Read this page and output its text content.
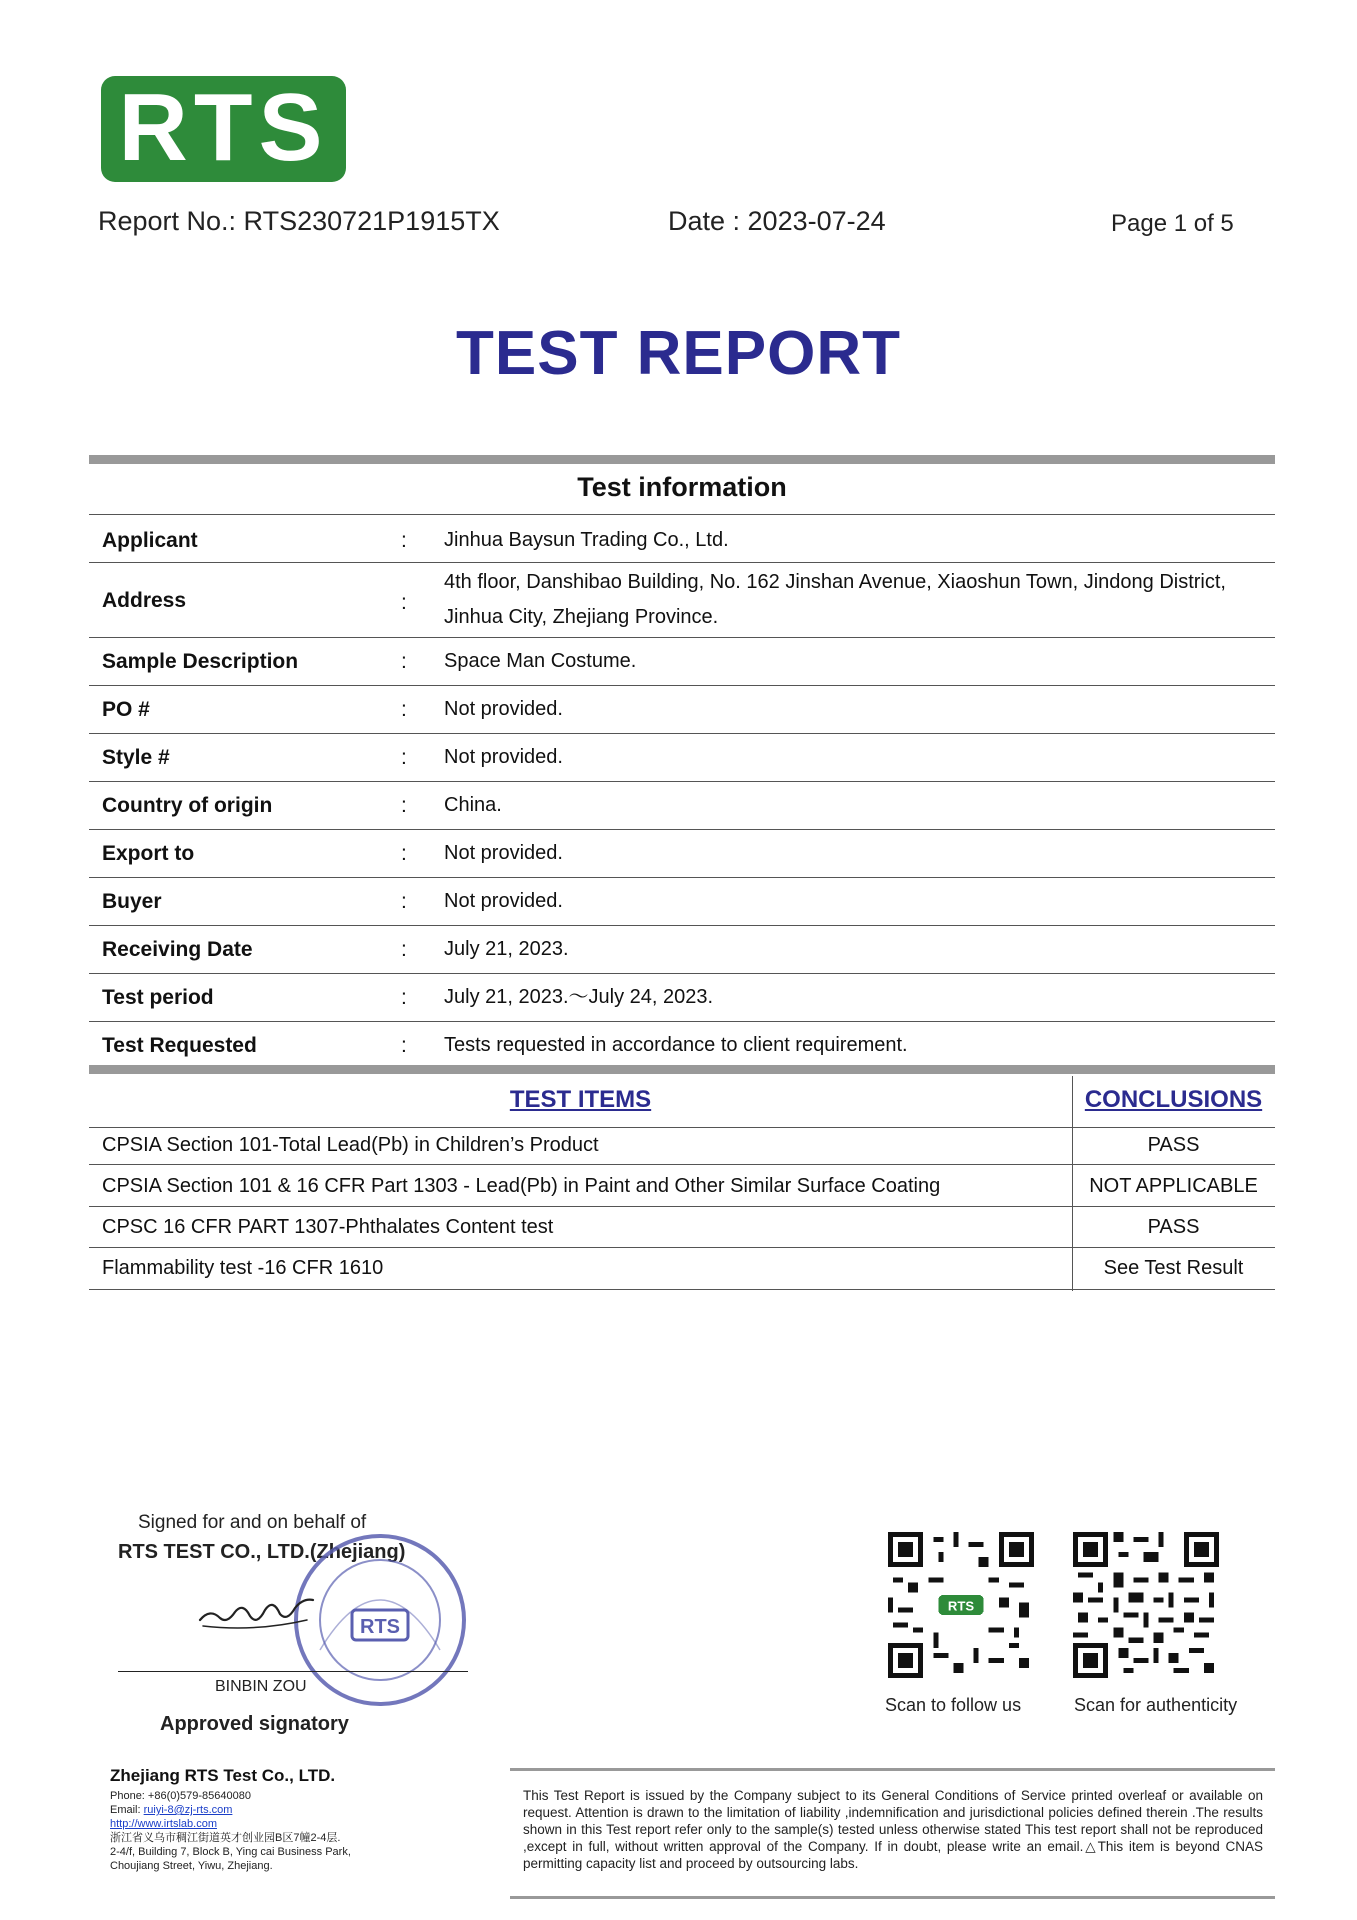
RTS
Report No.: RTS230721P1915TX	Date : 2023-07-24	Page 1 of 5
TEST REPORT
Test information
Applicant	: Jinhua Baysun Trading Co., Ltd.
Address	:
4th floor, Danshibao Building, No. 162 Jinshan Avenue, Xiaoshun Town, Jindong District, Jinhua City, Zhejiang Province.
Sample Description	: Space Man Costume.
PO #	: Not provided.
Style #	: Not provided.
Country of origin	: China.
Export to	: Not provided.
Buyer	: Not provided.
Receiving Date	: July 21, 2023.
Test period	: July 21, 2023.～July 24, 2023.
Test Requested	: Tests requested in accordance to client requirement.
TEST ITEMS	CONCLUSIONS
CPSIA Section 101-Total Lead(Pb) in Children’s Product	PASS
CPSIA Section 101 & 16 CFR Part 1303 - Lead(Pb) in Paint and Other Similar Surface Coating	NOT APPLICABLE
CPSC 16 CFR PART 1307-Phthalates Content test	PASS
Flammability test -16 CFR 1610	See Test Result
Signed for and on behalf of
RTS TEST CO., LTD.(Zhejiang)
RTS
BINBIN ZOU
Approved signatory
RTS
Scan to follow us	Scan for authenticity
Zhejiang RTS Test Co., LTD.
Phone: +86(0)579-85640080
Email: ruiyi-8@zj-rts.com
http://www.irtslab.com
浙江省义乌市稠江街道英才创业园B区7幢2-4层.
2-4/f, Building 7, Block B, Ying cai Business Park,
Choujiang Street, Yiwu, Zhejiang.
This Test Report is issued by the Company subject to its General Conditions of Service printed overleaf or available on request. Attention is drawn to the limitation of liability ,indemnification and jurisdictional policies defined therein .The results shown in this Test report refer only to the sample(s) tested unless otherwise stated This test report shall not be reproduced ,except in full, without written approval of the Company. If in doubt, please write an email.△This item is beyond CNAS permitting capacity list and proceed by outsourcing labs.
